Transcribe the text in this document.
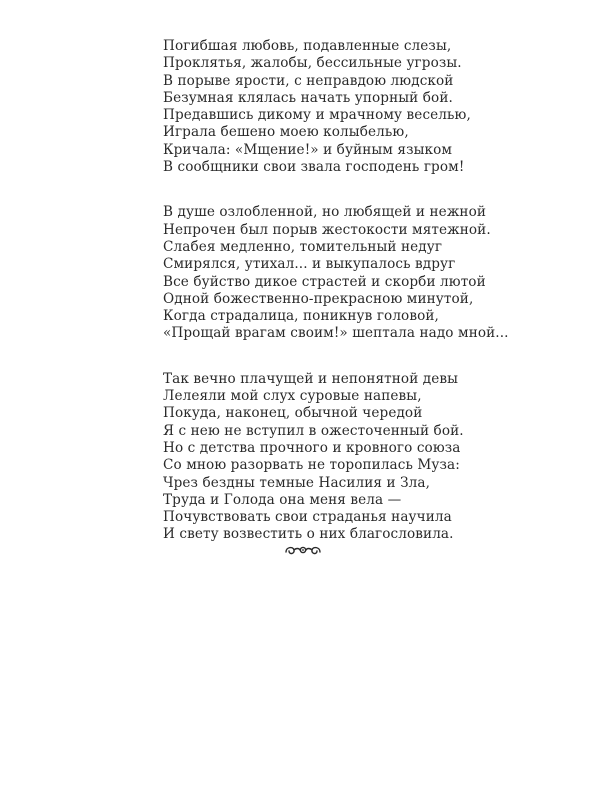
Погибшая любовь, подавленные слезы,
Проклятья, жалобы, бессильные угрозы.
В порыве ярости, с неправдою людской
Безумная клялась начать упорный бой.
Предавшись дикому и мрачному веселью,
Играла бешено моею колыбелью,
Кричала: «Мщение!» и буйным языком
В сообщники свои звала господень гром!
В душе озлобленной, но любящей и нежной
Непрочен был порыв жестокости мятежной.
Слабея медленно, томительный недуг
Смирялся, утихал... и выкупалось вдруг
Все буйство дикое страстей и скорби лютой
Одной божественно-прекрасною минутой,
Когда страдалица, поникнув головой,
«Прощай врагам своим!» шептала надо мной...
Так вечно плачущей и непонятной девы
Лелеяли мой слух суровые напевы,
Покуда, наконец, обычной чередой
Я с нею не вступил в ожесточенный бой.
Но с детства прочного и кровного союза
Со мною разорвать не торопилась Муза:
Чрез бездны темные Насилия и Зла,
Труда и Голода она меня вела —
Почувствовать свои страданья научила
И свету возвестить о них благословила.
